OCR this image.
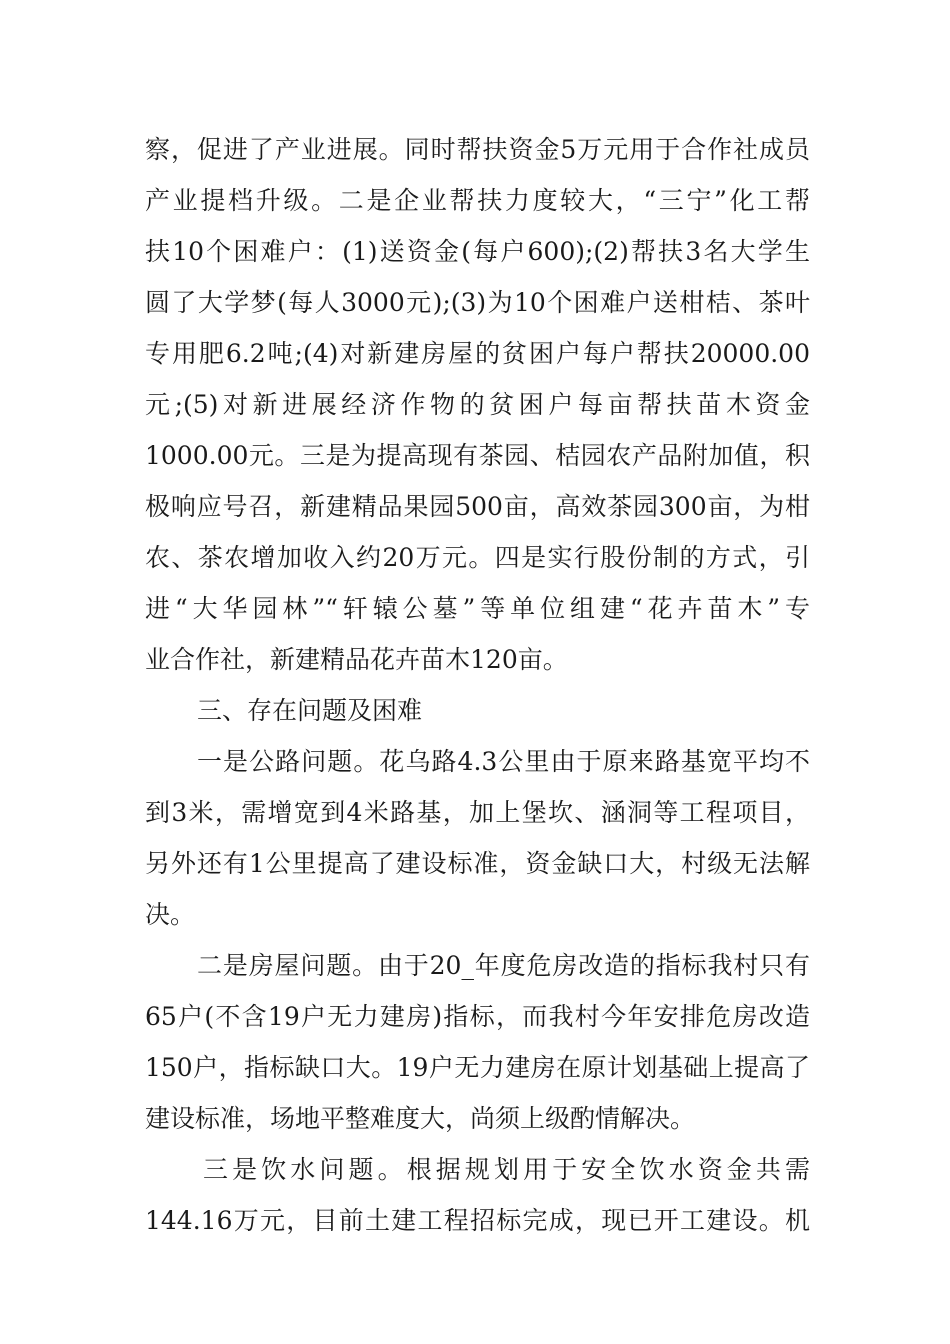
察，促进了产业进展。同时帮扶资金5万元用于合作社成员
产业提档升级。二是企业帮扶力度较大，“三宁”化工帮
扶10个困难户：(1)送资金(每户600);(2)帮扶3名大学生
圆了大学梦(每人3000元);(3)为10个困难户送柑桔、茶叶
专用肥6.2吨;(4)对新建房屋的贫困户每户帮扶20000.00
元;(5)对新进展经济作物的贫困户每亩帮扶苗木资金
1000.00元。三是为提高现有茶园、桔园农产品附加值，积
极响应号召，新建精品果园500亩，高效茶园300亩，为柑
农、茶农增加收入约20万元。四是实行股份制的方式，引
进“大华园林”“轩辕公墓”等单位组建“花卉苗木”专
业合作社，新建精品花卉苗木120亩。
三、存在问题及困难
一是公路问题。花乌路4.3公里由于原来路基宽平均不
到3米，需增宽到4米路基，加上堡坎、涵洞等工程项目，
另外还有1公里提高了建设标准，资金缺口大，村级无法解
决。
二是房屋问题。由于20_年度危房改造的指标我村只有
65户(不含19户无力建房)指标，而我村今年安排危房改造
150户，指标缺口大。19户无力建房在原计划基础上提高了
建设标准，场地平整难度大，尚须上级酌情解决。
三是饮水问题。根据规划用于安全饮水资金共需
144.16万元，目前土建工程招标完成，现已开工建设。机
